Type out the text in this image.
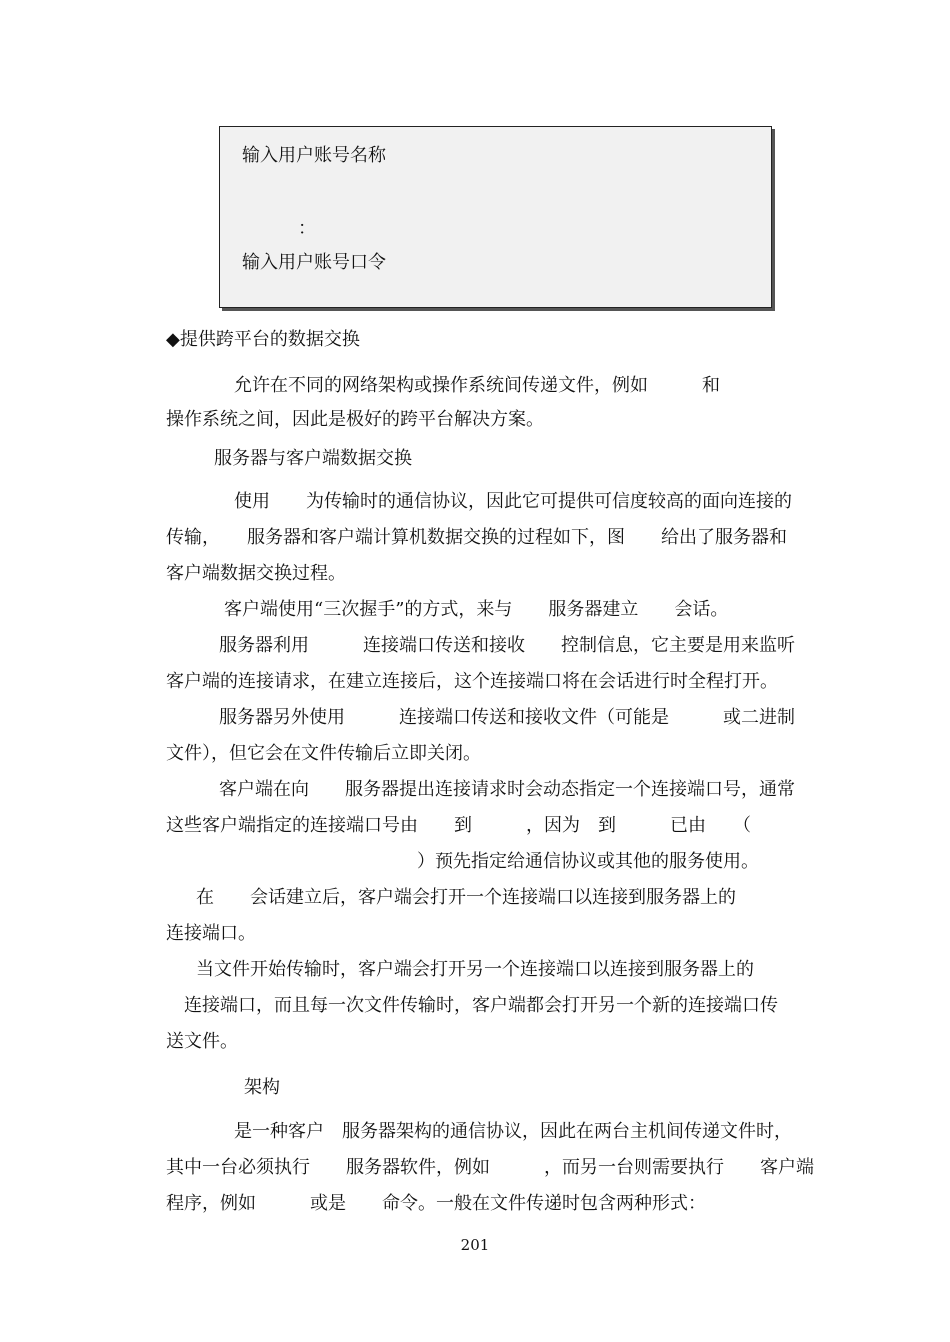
输入用户账号名称
：
输入用户账号口令
◆提供跨平台的数据交换
允许在不同的网络架构或操作系统间传递文件，例如　　　和
操作系统之间，因此是极好的跨平台解决方案。
服务器与客户端数据交换
使用　　为传输时的通信协议，因此它可提供可信度较高的面向连接的
传输，　　服务器和客户端计算机数据交换的过程如下，图　　给出了服务器和
客户端数据交换过程。
客户端使用“三次握手”的方式，来与　　服务器建立　　会话。
服务器利用　　　连接端口传送和接收　　控制信息，它主要是用来监听
客户端的连接请求，在建立连接后，这个连接端口将在会话进行时全程打开。
服务器另外使用　　　连接端口传送和接收文件（可能是　　　或二进制
文件），但它会在文件传输后立即关闭。
客户端在向　　服务器提出连接请求时会动态指定一个连接端口号，通常
这些客户端指定的连接端口号由　　到　　　，因为　到　　　已由　　（
）预先指定给通信协议或其他的服务使用。
在　　会话建立后，客户端会打开一个连接端口以连接到服务器上的
连接端口。
当文件开始传输时，客户端会打开另一个连接端口以连接到服务器上的
连接端口，而且每一次文件传输时，客户端都会打开另一个新的连接端口传
送文件。
架构
是一种客户　服务器架构的通信协议，因此在两台主机间传递文件时，
其中一台必须执行　　服务器软件，例如　　　，而另一台则需要执行　　客户端
程序，例如　　　或是　　命令。一般在文件传递时包含两种形式：
201
